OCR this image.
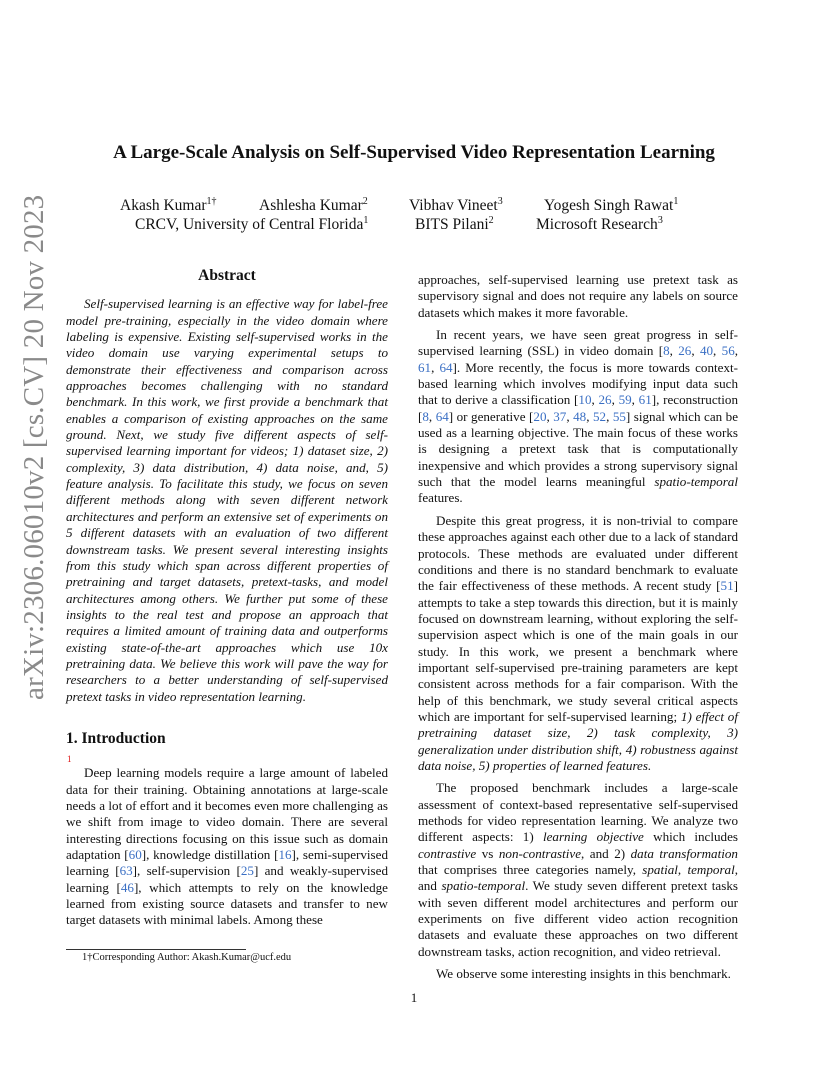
arXiv:2306.06010v2 [cs.CV] 20 Nov 2023
A Large-Scale Analysis on Self-Supervised Video Representation Learning
Akash Kumar$^{1\dagger}$	Ashlesha Kumar$^2$	Vibhav Vineet$^3$	Yogesh Singh Rawat$^1$
CRCV, University of Central Florida$^1$	BITS Pilani$^2$	Microsoft Research$^3$
Abstract

Self-supervised learning is an effective way for label-free model pre-training, especially in the video domain where labeling is expensive. Existing self-supervised works in the video domain use varying experimental setups to demonstrate their effectiveness and comparison across approaches becomes challenging with no standard benchmark. In this work, we first provide a benchmark that enables a comparison of existing approaches on the same ground. Next, we study five different aspects of self-supervised learning important for videos; 1) dataset size, 2) complexity, 3) data distribution, 4) data noise, and, 5) feature analysis. To facilitate this study, we focus on seven different methods along with seven different network architectures and perform an extensive set of experiments on 5 different datasets with an evaluation of two different downstream tasks. We present several interesting insights from this study which span across different properties of pretraining and target datasets, pretext-tasks, and model architectures among others. We further put some of these insights to the real test and propose an approach that requires a limited amount of training data and outperforms existing state-of-the-art approaches which use 10x pretraining data. We believe this work will pave the way for researchers to a better understanding of self-supervised pretext tasks in video representation learning.

1. Introduction
1

Deep learning models require a large amount of labeled data for their training. Obtaining annotations at large-scale needs a lot of effort and it becomes even more challenging as we shift from image to video domain. There are several interesting directions focusing on this issue such as domain adaptation [60], knowledge distillation [16], semi-supervised learning [63], self-supervision [25] and weakly-supervised learning [46], which attempts to rely on the knowledge learned from existing source datasets and transfer to new target datasets with minimal labels. Among these

approaches, self-supervised learning use pretext task as supervisory signal and does not require any labels on source datasets which makes it more favorable.

In recent years, we have seen great progress in self-supervised learning (SSL) in video domain [8, 26, 40, 56, 61, 64]. More recently, the focus is more towards context-based learning which involves modifying input data such that to derive a classification [10, 26, 59, 61], reconstruction [8, 64] or generative [20, 37, 48, 52, 55] signal which can be used as a learning objective. The main focus of these works is designing a pretext task that is computationally inexpensive and which provides a strong supervisory signal such that the model learns meaningful spatio-temporal features.

Despite this great progress, it is non-trivial to compare these approaches against each other due to a lack of standard protocols. These methods are evaluated under different conditions and there is no standard benchmark to evaluate the fair effectiveness of these methods. A recent study [51] attempts to take a step towards this direction, but it is mainly focused on downstream learning, without exploring the self-supervision aspect which is one of the main goals in our study. In this work, we present a benchmark where important self-supervised pre-training parameters are kept consistent across methods for a fair comparison. With the help of this benchmark, we study several critical aspects which are important for self-supervised learning; 1) effect of pretraining dataset size, 2) task complexity, 3) generalization under distribution shift, 4) robustness against data noise, 5) properties of learned features.

The proposed benchmark includes a large-scale assessment of context-based representative self-supervised methods for video representation learning. We analyze two different aspects: 1) learning objective which includes contrastive vs non-contrastive, and 2) data transformation that comprises three categories namely, spatial, temporal, and spatio-temporal. We study seven different pretext tasks with seven different model architectures and perform our experiments on five different video action recognition datasets and evaluate these approaches on two different downstream tasks, action recognition, and video retrieval.

We observe some interesting insights in this benchmark.

1†Corresponding Author: Akash.Kumar@ucf.edu
1
